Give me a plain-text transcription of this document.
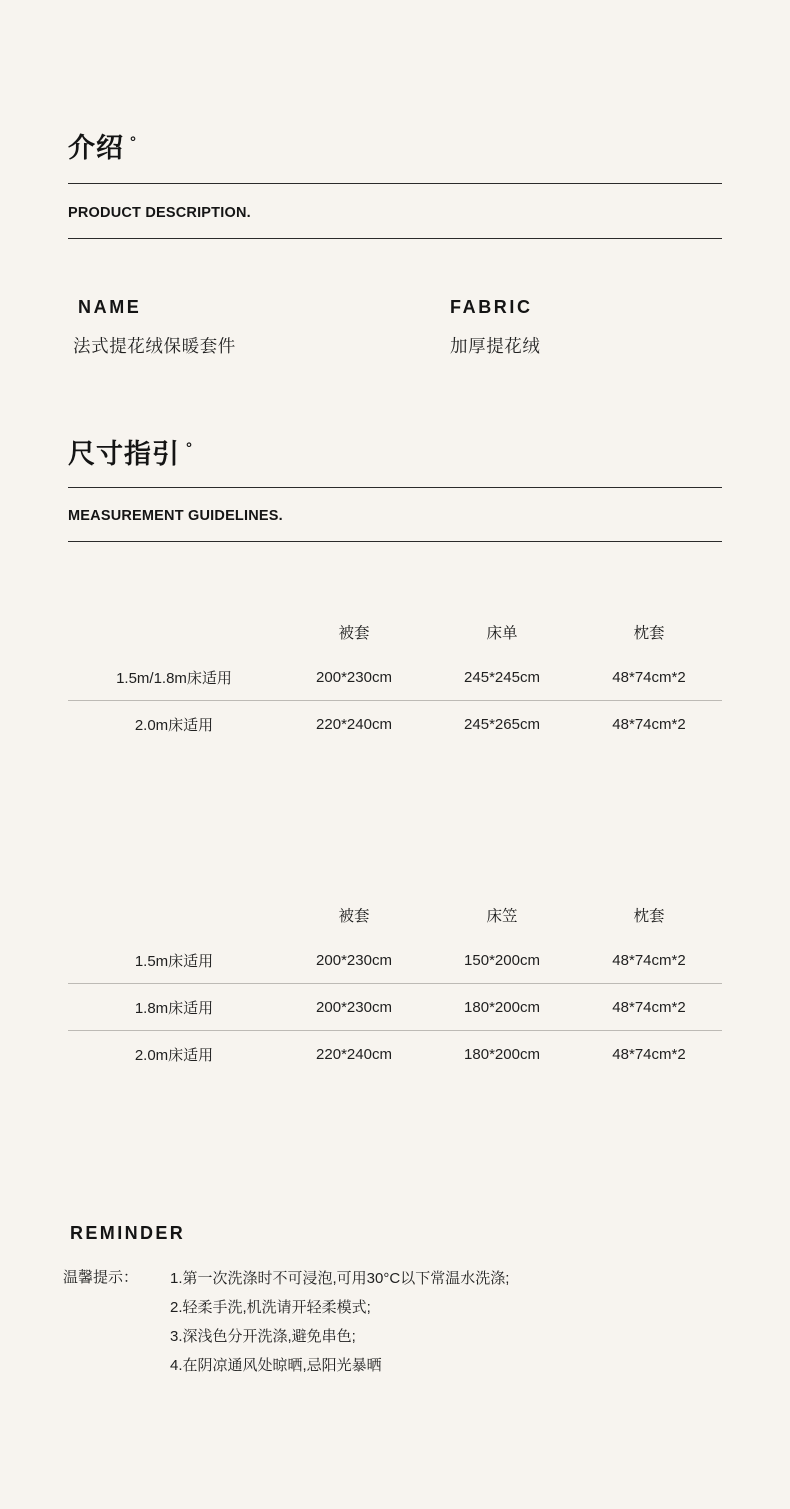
介绍 °
PRODUCT DESCRIPTION.
NAME
法式提花绒保暖套件
FABRIC
加厚提花绒
尺寸指引 °
MEASUREMENT GUIDELINES.
	被套	床单	枕套
1.5m/1.8m床适用	200*230cm	245*245cm	48*74cm*2
2.0m床适用	220*240cm	245*265cm	48*74cm*2
	被套	床笠	枕套
1.5m床适用	200*230cm	150*200cm	48*74cm*2
1.8m床适用	200*230cm	180*200cm	48*74cm*2
2.0m床适用	220*240cm	180*200cm	48*74cm*2
REMINDER
温馨提示： 1.第一次洗涤时不可浸泡,可用30°C以下常温水洗涤;
2.轻柔手洗,机洗请开轻柔模式;
3.深浅色分开洗涤,避免串色;
4.在阴凉通风处晾晒,忌阳光暴晒
